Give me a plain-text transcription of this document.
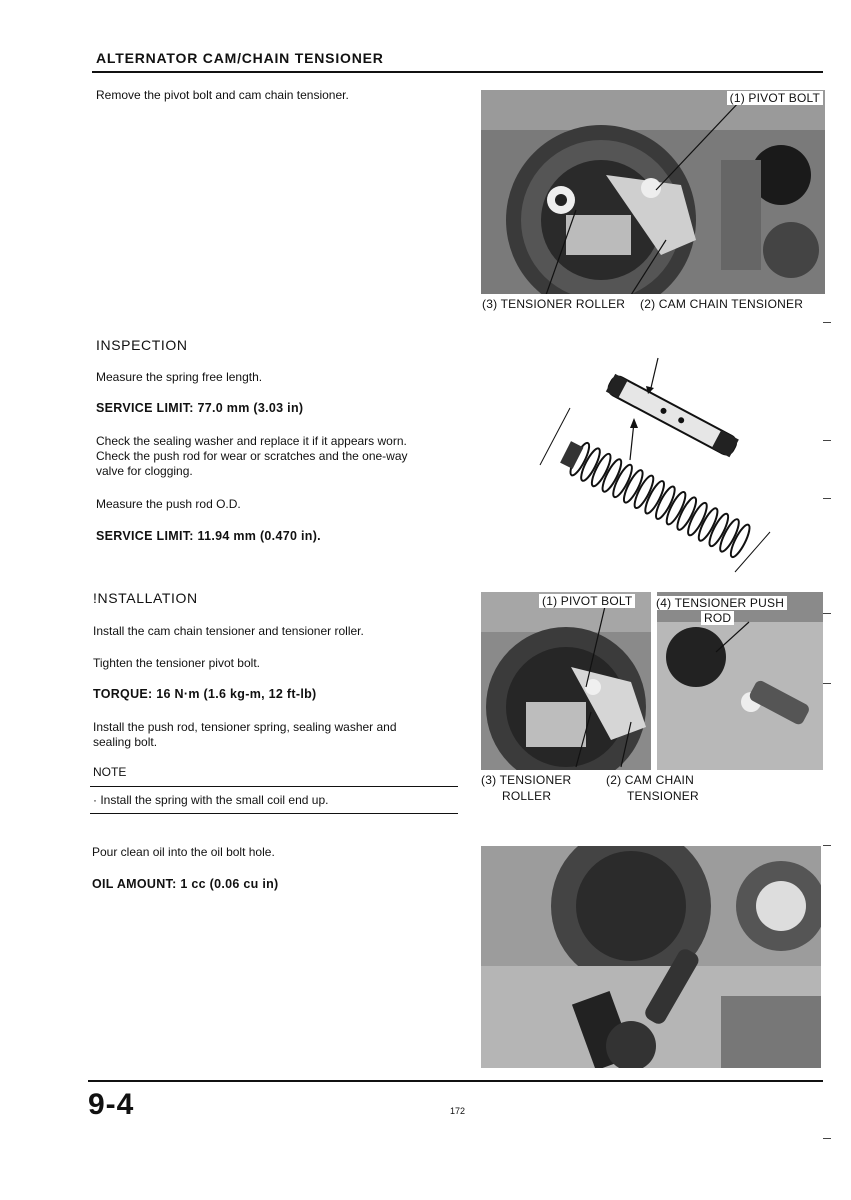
ALTERNATOR CAM/CHAIN TENSIONER
Remove the pivot bolt and cam chain tensioner.	(1) PIVOT BOLT
(3) TENSIONER ROLLER (2) CAM CHAIN TENSIONER
INSPECTION
Measure the spring free length.
SERVICE LIMIT: 77.0 mm (3.03 in)
Check the sealing washer and replace it if it appears worn.
Check the push rod for wear or scratches and the one-way
valve for clogging.
Measure the push rod O.D.
SERVICE LIMIT: 11.94 mm (0.470 in).
!NSTALLATION
Install the cam chain tensioner and tensioner roller.
Tighten the tensioner pivot bolt.
TORQUE: 16 N·m (1.6 kg-m, 12 ft-lb)
Install the push rod, tensioner spring, sealing washer and
sealing bolt.
NOTE
· Install the spring with the small coil end up.
(1) PIVOT BOLT (4) TENSIONER PUSH
ROD
(3) TENSIONER
ROLLER
(2) CAM CHAIN
TENSIONER
Pour clean oil into the oil bolt hole.
OIL AMOUNT: 1 cc (0.06 cu in)
9-4	172
